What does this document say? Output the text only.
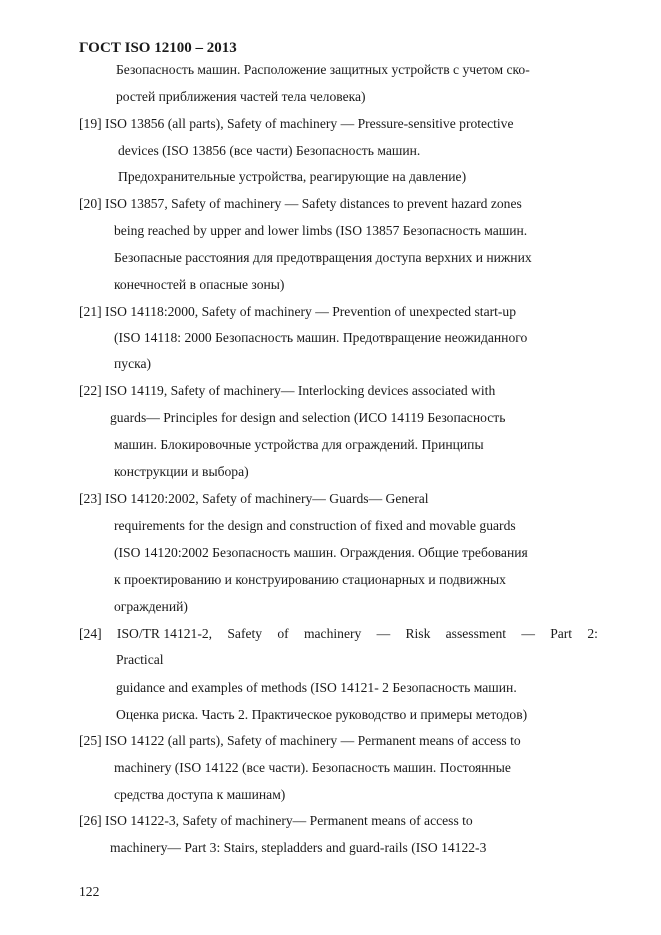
ГОСТ ISO 12100 – 2013
Безопасность машин. Расположение защитных устройств с учетом ско-
ростей приближения частей тела человека)
[19] ISO 13856 (all parts), Safety of machinery — Pressure-sensitive protective
devices (ISO 13856 (все части) Безопасность машин.
Предохранительные устройства, реагирующие на давление)
[20] ISO 13857, Safety of machinery — Safety distances to prevent hazard zones
being reached by upper and lower limbs (ISO 13857 Безопасность машин.
Безопасные расстояния для предотвращения доступа верхних и нижних
конечностей в опасные зоны)
[21] ISO 14118:2000, Safety of machinery — Prevention of unexpected start-up
(ISO 14118: 2000 Безопасность машин. Предотвращение неожиданного
пуска)
[22] ISO 14119, Safety of machinery— Interlocking devices associated with
guards— Principles for design and selection (ИСО 14119 Безопасность
машин. Блокировочные устройства для ограждений. Принципы
конструкции и выбора)
[23] ISO 14120:2002, Safety of machinery— Guards— General
requirements for the design and construction of fixed and movable guards
(ISO 14120:2002 Безопасность машин. Ограждения. Общие требования
к проектированию и конструированию стационарных и подвижных
ограждений)
[24] ISO/TR 14121-2, Safety of machinery — Risk assessment — Part 2:
Practical
guidance and examples of methods (ISO 14121- 2 Безопасность машин.
Оценка риска. Часть 2. Практическое руководство и примеры методов)
[25] ISO 14122 (all parts), Safety of machinery — Permanent means of access to
machinery (ISO 14122 (все части). Безопасность машин. Постоянные
средства доступа к машинам)
[26] ISO 14122-3, Safety of machinery— Permanent means of access to
machinery— Part 3: Stairs, stepladders and guard-rails (ISO 14122-3
122
